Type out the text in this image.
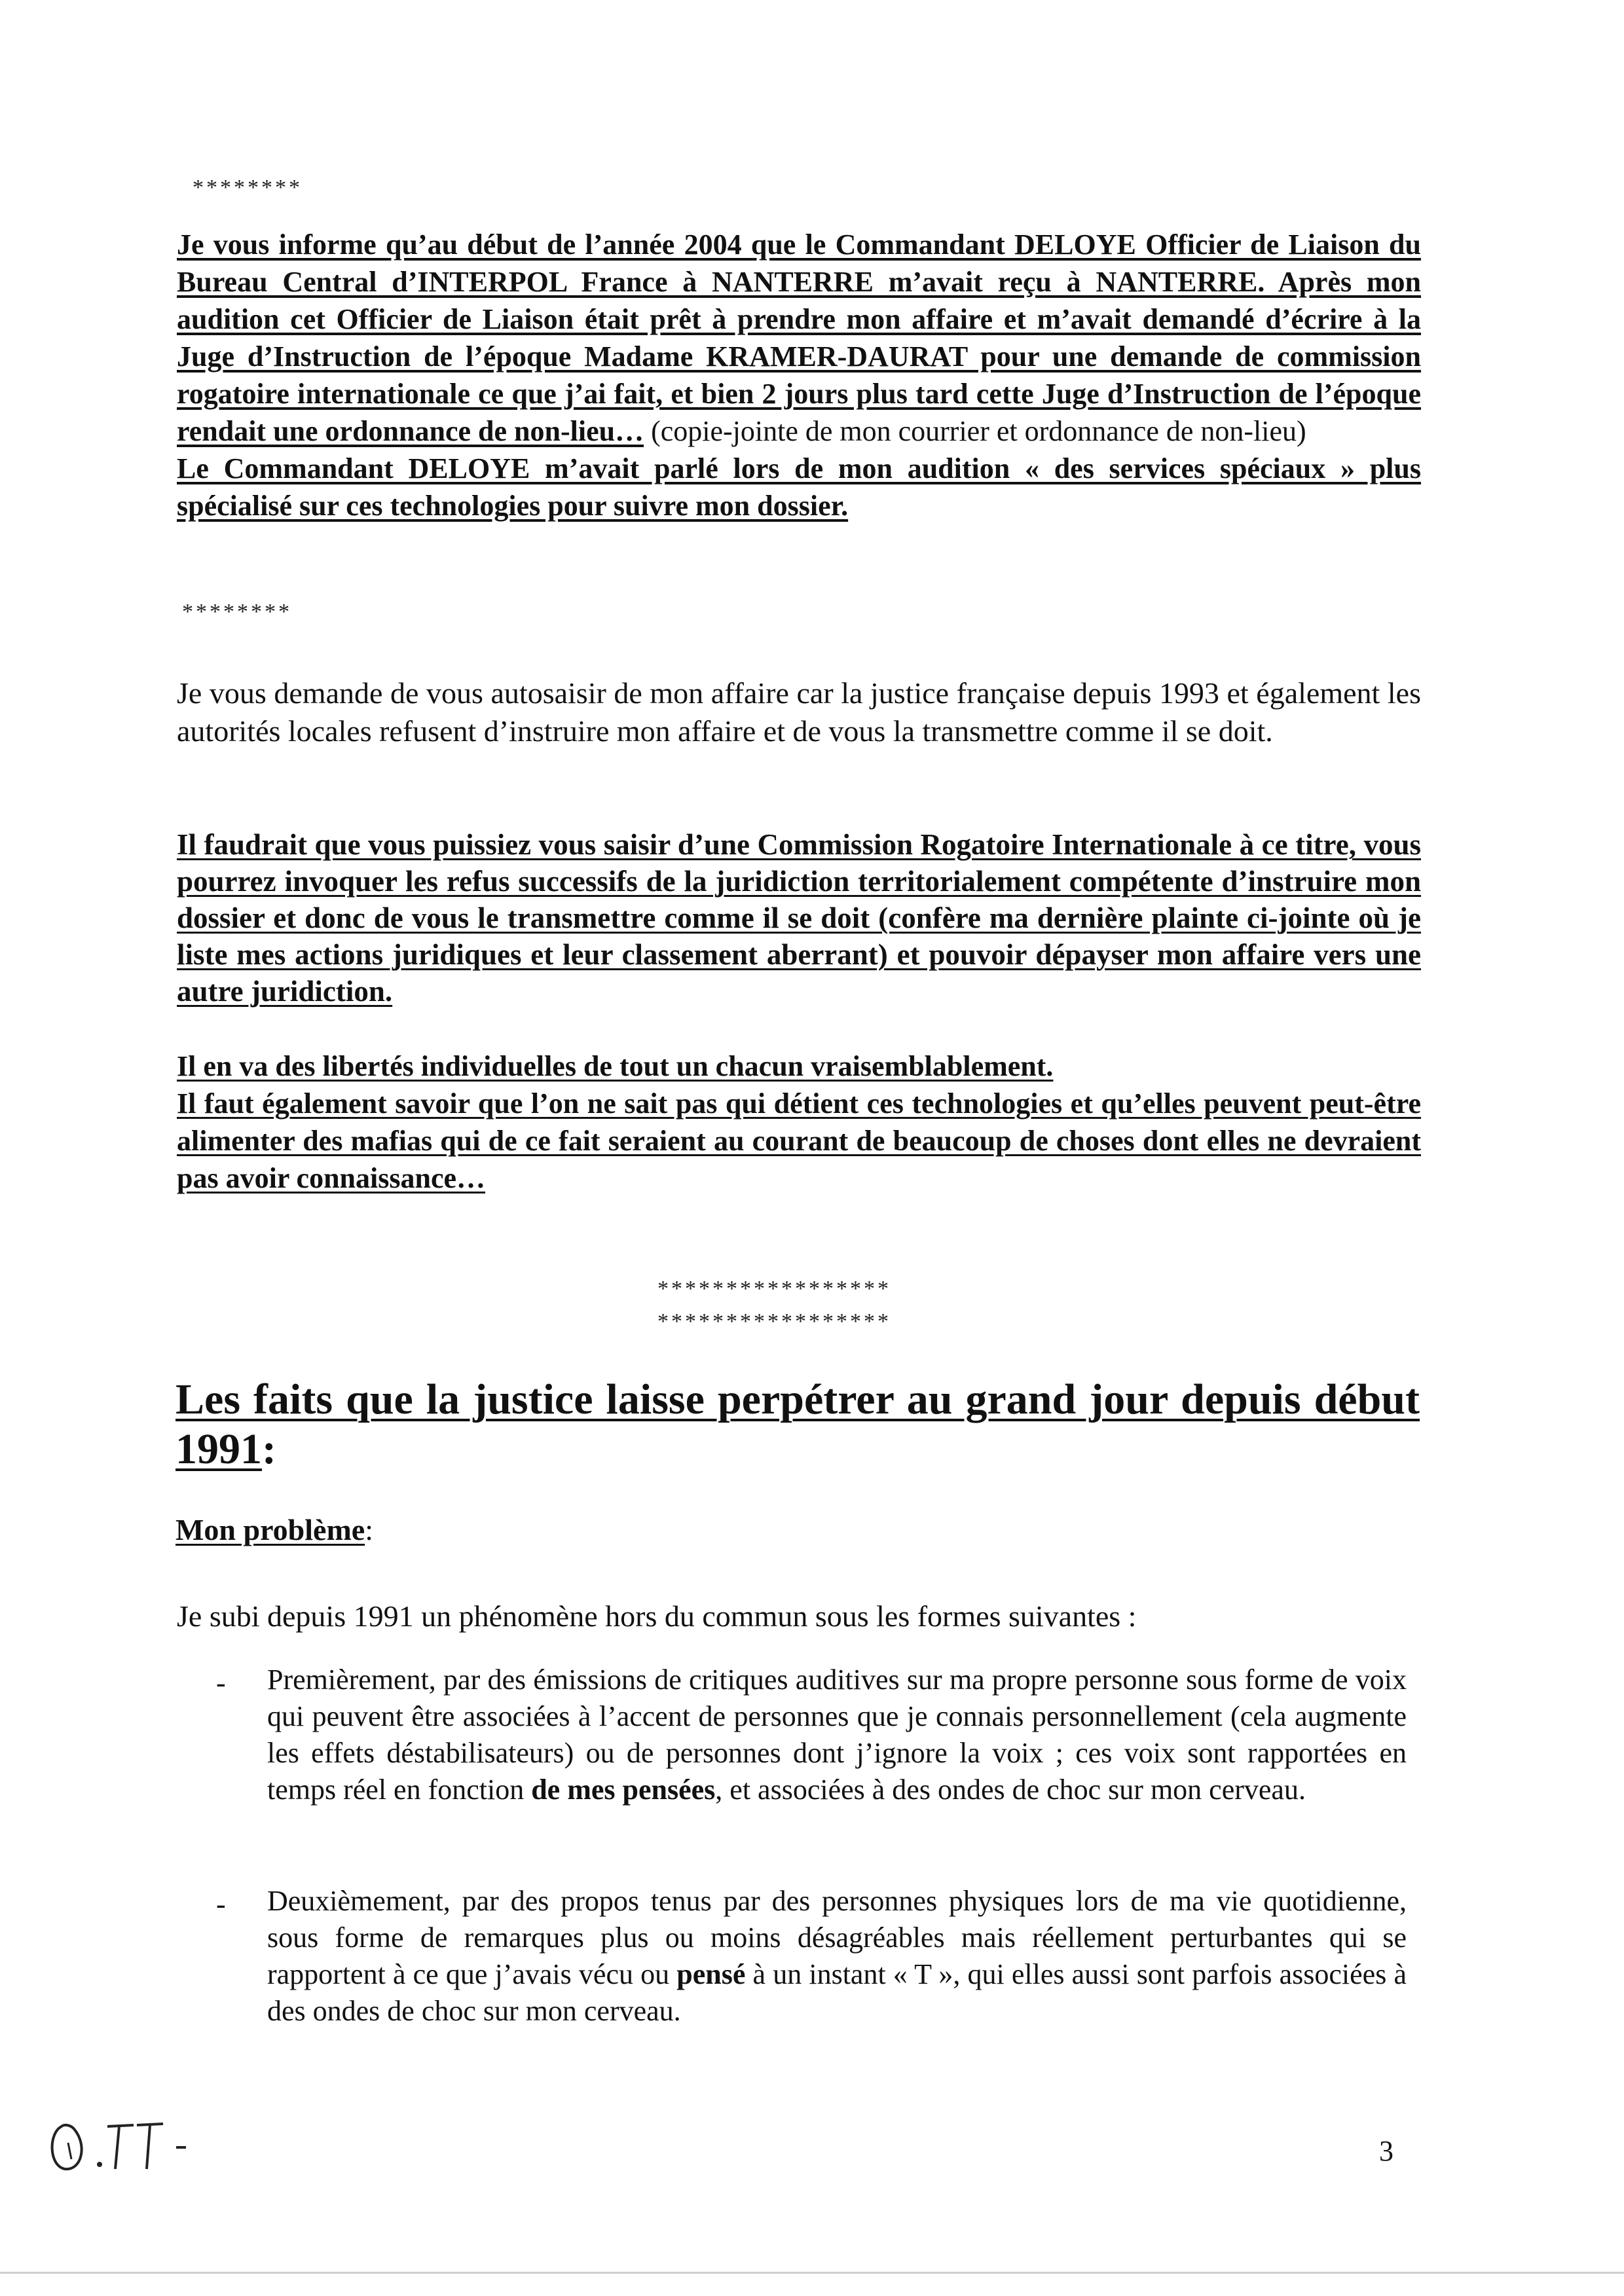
********
Je vous informe qu’au début de l’année 2004 que le Commandant DELOYE Officier de Liaison du Bureau Central d’INTERPOL France à NANTERRE m’avait reçu à NANTERRE. Après mon audition cet Officier de Liaison était prêt à prendre mon affaire et m’avait demandé d’écrire à la Juge d’Instruction de l’époque Madame KRAMER-DAURAT pour une demande de commission rogatoire internationale ce que j’ai fait, et bien 2 jours plus tard cette Juge d’Instruction de l’époque rendait une ordonnance de non-lieu… (copie-jointe de mon courrier et ordonnance de non-lieu)
Le Commandant DELOYE m’avait parlé lors de mon audition « des services spéciaux » plus spécialisé sur ces technologies pour suivre mon dossier.
********
Je vous demande de vous autosaisir de mon affaire car la justice française depuis 1993 et également les autorités locales refusent d’instruire mon affaire et de vous la transmettre comme il se doit.
Il faudrait que vous puissiez vous saisir d’une Commission Rogatoire Internationale à ce titre, vous pourrez invoquer les refus successifs de la juridiction territorialement compétente d’instruire mon dossier et donc de vous le transmettre comme il se doit (confère ma dernière plainte ci-jointe où je liste mes actions juridiques et leur classement aberrant) et pouvoir dépayser mon affaire vers une autre juridiction.
Il en va des libertés individuelles de tout un chacun vraisemblablement.
Il faut également savoir que l’on ne sait pas qui détient ces technologies et qu’elles peuvent peut-être alimenter des mafias qui de ce fait seraient au courant de beaucoup de choses dont elles ne devraient pas avoir connaissance…
*****************
*****************
Les faits que la justice laisse perpétrer au grand jour depuis début 1991:
Mon problème:
Je subi depuis 1991 un phénomène hors du commun sous les formes suivantes :
- Premièrement, par des émissions de critiques auditives sur ma propre personne sous forme de voix qui peuvent être associées à l’accent de personnes que je connais personnellement (cela augmente les effets déstabilisateurs) ou de personnes dont j’ignore la voix ; ces voix sont rapportées en temps réel en fonction de mes pensées, et associées à des ondes de choc sur mon cerveau.
- Deuxièmement, par des propos tenus par des personnes physiques lors de ma vie quotidienne, sous forme de remarques plus ou moins désagréables mais réellement perturbantes qui se rapportent à ce que j’avais vécu ou pensé à un instant « T », qui elles aussi sont parfois associées à des ondes de choc sur mon cerveau.
3
